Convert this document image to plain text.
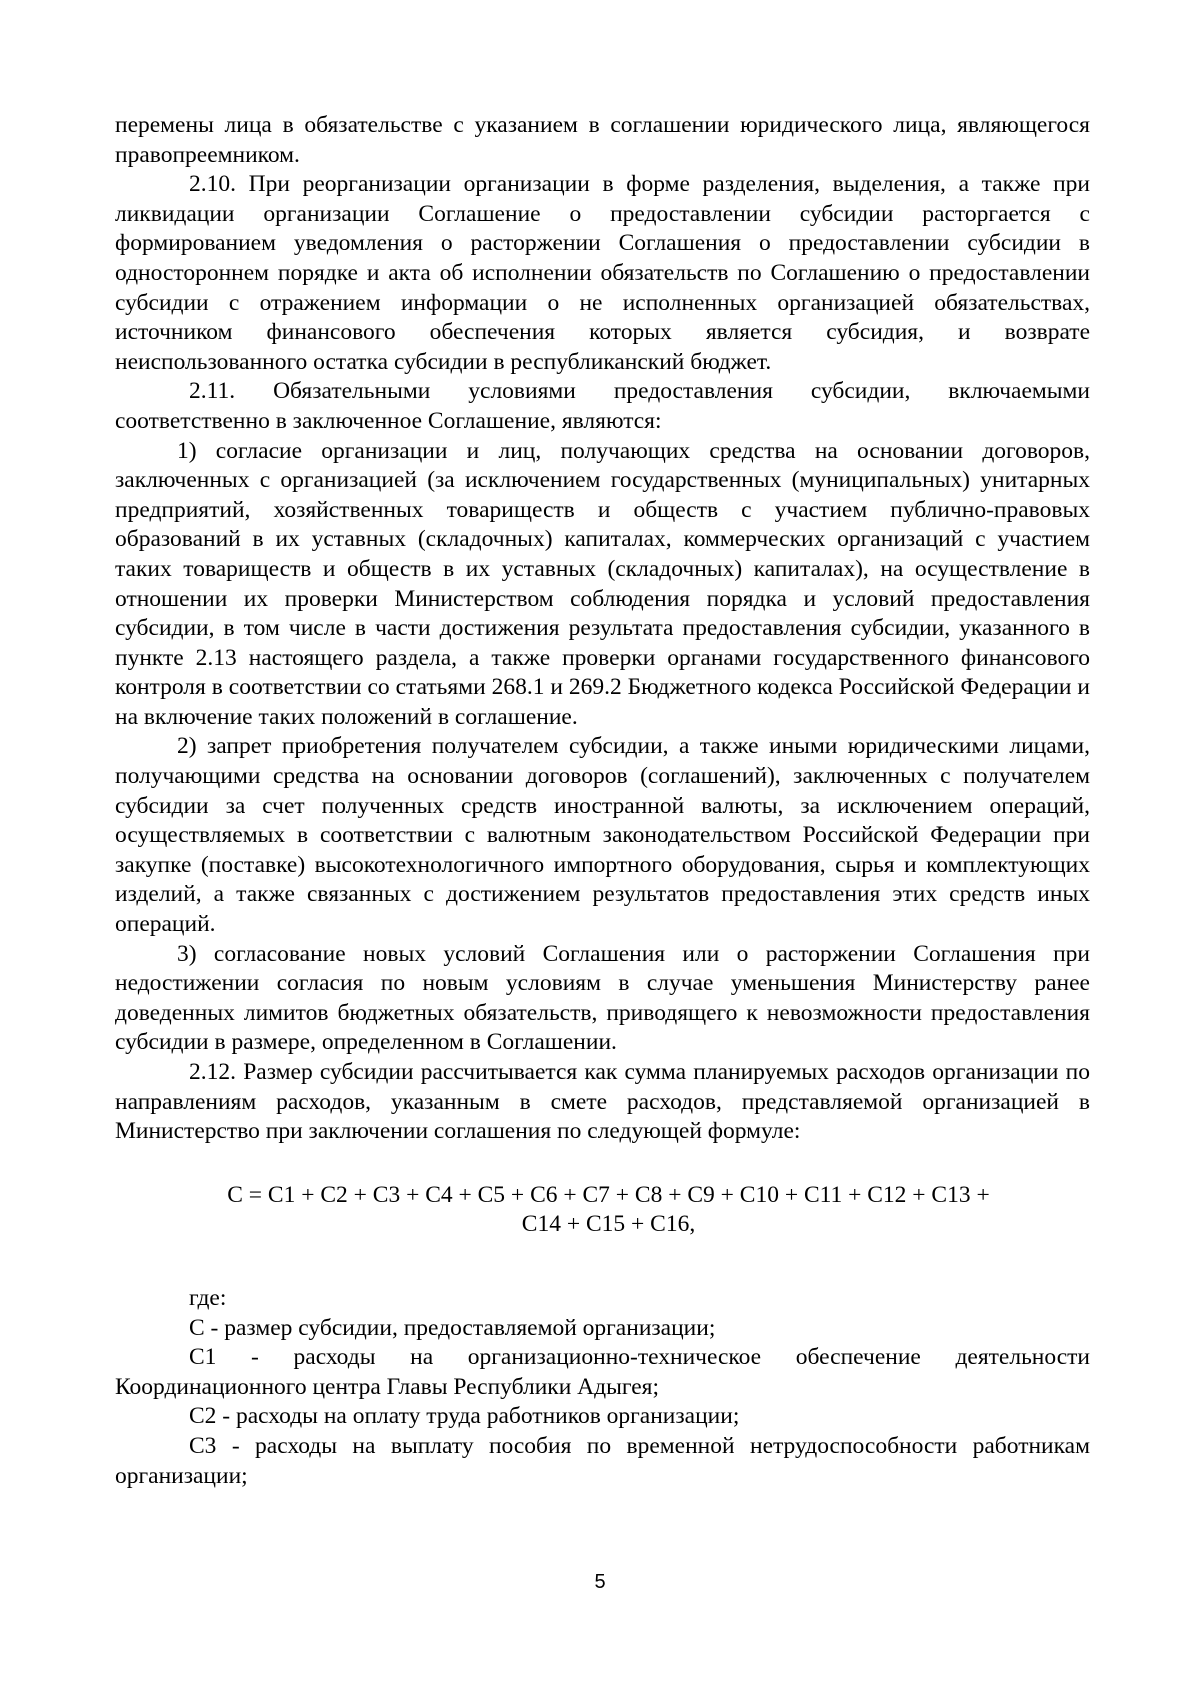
перемены лица в обязательстве с указанием в соглашении юридического лица, являющегося правопреемником.

2.10. При реорганизации организации в форме разделения, выделения, а также при ликвидации организации Соглашение о предоставлении субсидии расторгается с формированием уведомления о расторжении Соглашения о предоставлении субсидии в одностороннем порядке и акта об исполнении обязательств по Соглашению о предоставлении субсидии с отражением информации о не исполненных организацией обязательствах, источником финансового обеспечения которых является субсидия, и возврате неиспользованного остатка субсидии в республиканский бюджет.

2.11. Обязательными условиями предоставления субсидии, включаемыми соответственно в заключенное Соглашение, являются:

1) согласие организации и лиц, получающих средства на основании договоров, заключенных с организацией (за исключением государственных (муниципальных) унитарных предприятий, хозяйственных товариществ и обществ с участием публично-правовых образований в их уставных (складочных) капиталах, коммерческих организаций с участием таких товариществ и обществ в их уставных (складочных) капиталах), на осуществление в отношении их проверки Министерством соблюдения порядка и условий предоставления субсидии, в том числе в части достижения результата предоставления субсидии, указанного в пункте 2.13 настоящего раздела, а также проверки органами государственного финансового контроля в соответствии со статьями 268.1 и 269.2 Бюджетного кодекса Российской Федерации и на включение таких положений в соглашение.

2) запрет приобретения получателем субсидии, а также иными юридическими лицами, получающими средства на основании договоров (соглашений), заключенных с получателем субсидии за счет полученных средств иностранной валюты, за исключением операций, осуществляемых в соответствии с валютным законодательством Российской Федерации при закупке (поставке) высокотехнологичного импортного оборудования, сырья и комплектующих изделий, а также связанных с достижением результатов предоставления этих средств иных операций.

3) согласование новых условий Соглашения или о расторжении Соглашения при недостижении согласия по новым условиям в случае уменьшения Министерству ранее доведенных лимитов бюджетных обязательств, приводящего к невозможности предоставления субсидии в размере, определенном в Соглашении.

2.12. Размер субсидии рассчитывается как сумма планируемых расходов организации по направлениям расходов, указанным в смете расходов, представляемой организацией в Министерство при заключении соглашения по следующей формуле:

С = С1 + С2 + С3 + С4 + С5 + С6 + С7 + С8 + С9 + С10 + С11 + С12 + С13 +
С14 + С15 + С16,

где:

С - размер субсидии, предоставляемой организации;

С1 - расходы на организационно-техническое обеспечение деятельности Координационного центра Главы Республики Адыгея;

С2 - расходы на оплату труда работников организации;

С3 - расходы на выплату пособия по временной нетрудоспособности работникам организации;

5
